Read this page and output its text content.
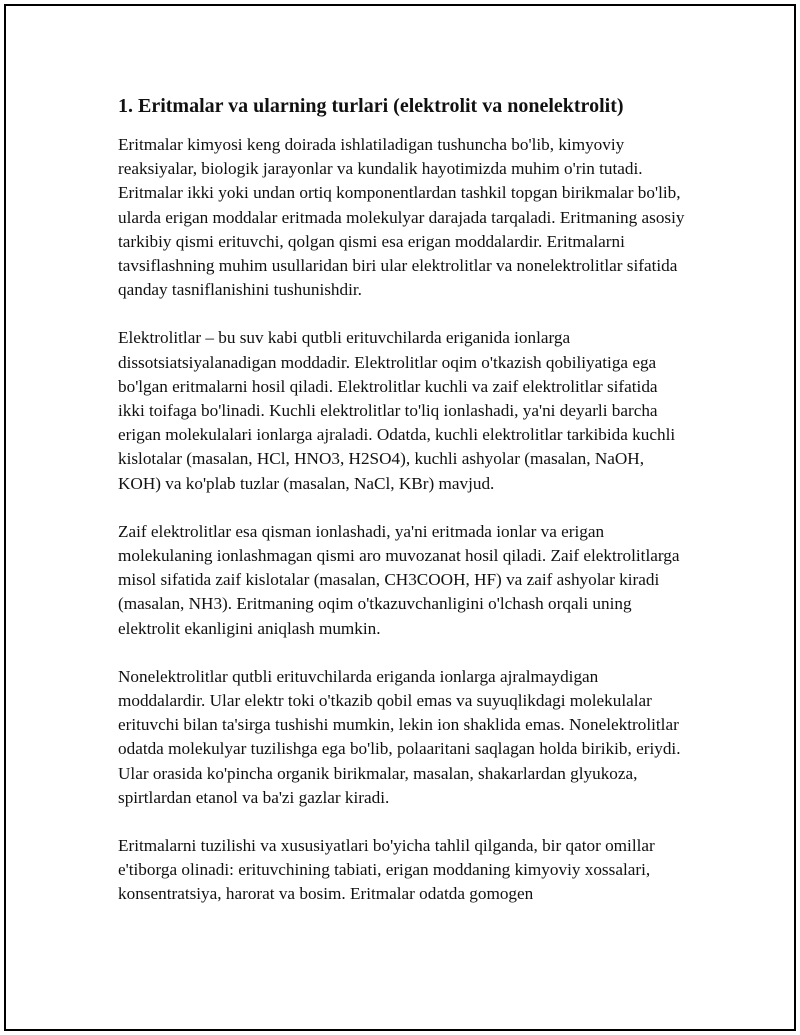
1. Eritmalar va ularning turlari (elektrolit va nonelektrolit)

Eritmalar kimyosi keng doirada ishlatiladigan tushuncha bo'lib, kimyoviy reaksiyalar, biologik jarayonlar va kundalik hayotimizda muhim o'rin tutadi. Eritmalar ikki yoki undan ortiq komponentlardan tashkil topgan birikmalar bo'lib, ularda erigan moddalar eritmada molekulyar darajada tarqaladi. Eritmaning asosiy tarkibiy qismi erituvchi, qolgan qismi esa erigan moddalardir. Eritmalarni tavsiflashning muhim usullaridan biri ular elektrolitlar va nonelektrolitlar sifatida qanday tasniflanishini tushunishdir.

Elektrolitlar – bu suv kabi qutbli erituvchilarda eriganida ionlarga dissotsiatsiyalanadigan moddadir. Elektrolitlar oqim o'tkazish qobiliyatiga ega bo'lgan eritmalarni hosil qiladi. Elektrolitlar kuchli va zaif elektrolitlar sifatida ikki toifaga bo'linadi. Kuchli elektrolitlar to'liq ionlashadi, ya'ni deyarli barcha erigan molekulalari ionlarga ajraladi. Odatda, kuchli elektrolitlar tarkibida kuchli kislotalar (masalan, HCl, HNO3, H2SO4), kuchli ashyolar (masalan, NaOH, KOH) va ko'plab tuzlar (masalan, NaCl, KBr) mavjud.

Zaif elektrolitlar esa qisman ionlashadi, ya'ni eritmada ionlar va erigan molekulaning ionlashmagan qismi aro muvozanat hosil qiladi. Zaif elektrolitlarga misol sifatida zaif kislotalar (masalan, CH3COOH, HF) va zaif ashyolar kiradi (masalan, NH3). Eritmaning oqim o'tkazuvchanligini o'lchash orqali uning elektrolit ekanligini aniqlash mumkin.

Nonelektrolitlar qutbli erituvchilarda eriganda ionlarga ajralmaydigan moddalardir. Ular elektr toki o'tkazib qobil emas va suyuqlikdagi molekulalar erituvchi bilan ta'sirga tushishi mumkin, lekin ion shaklida emas. Nonelektrolitlar odatda molekulyar tuzilishga ega bo'lib, polaaritani saqlagan holda birikib, eriydi. Ular orasida ko'pincha organik birikmalar, masalan, shakarlardan glyukoza, spirtlardan etanol va ba'zi gazlar kiradi.

Eritmalarni tuzilishi va xususiyatlari bo'yicha tahlil qilganda, bir qator omillar e'tiborga olinadi: erituvchining tabiati, erigan moddaning kimyoviy xossalari, konsentratsiya, harorat va bosim. Eritmalar odatda gomogen
